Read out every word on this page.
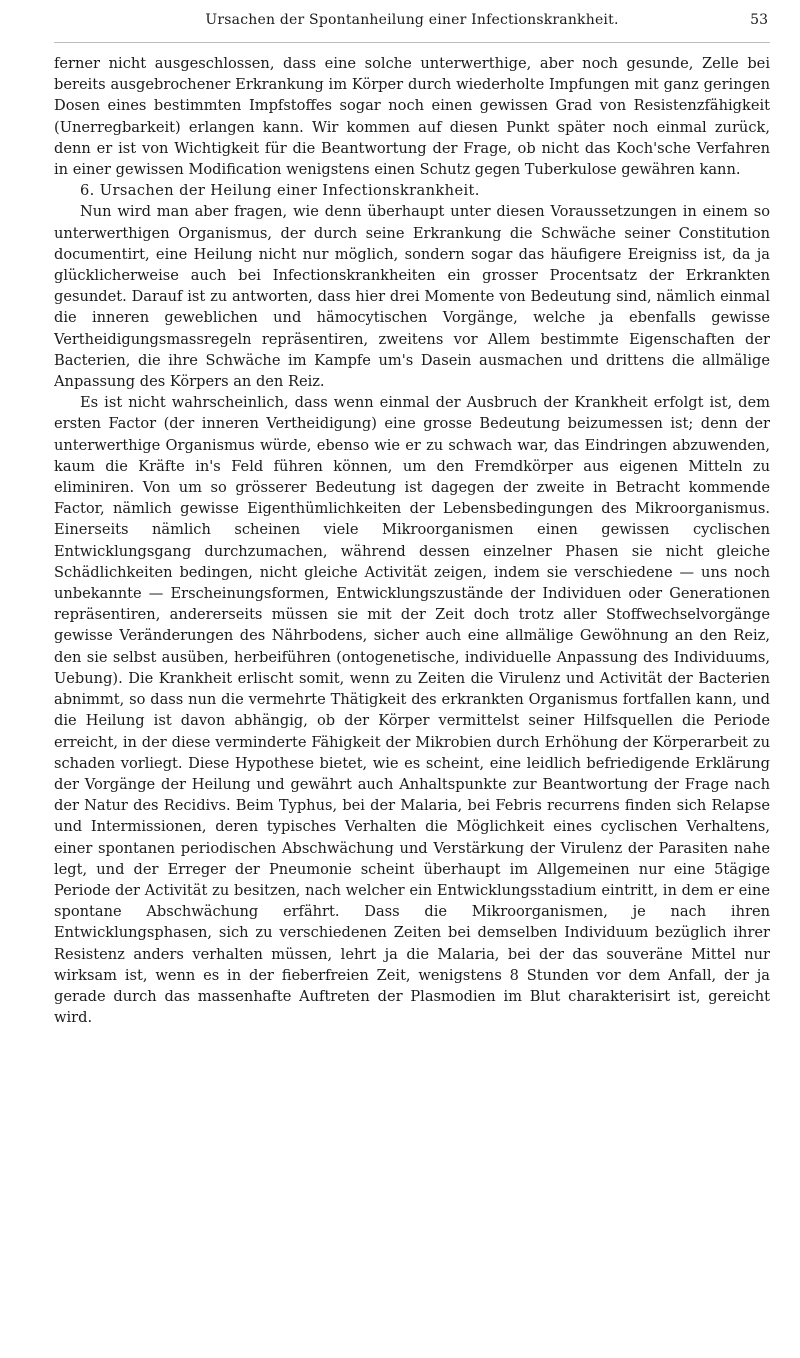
Ursachen der Spontanheilung einer Infectionskrankheit.	53

ferner nicht ausgeschlossen, dass eine solche unterwerthige, aber noch gesunde, Zelle bei bereits ausgebrochener Erkrankung im Körper durch wiederholte Impfungen mit ganz geringen Dosen eines bestimmten Impfstoffes sogar noch einen gewissen Grad von Resistenzfähigkeit (Unerregbarkeit) erlangen kann. Wir kommen auf diesen Punkt später noch einmal zurück, denn er ist von Wichtigkeit für die Beantwortung der Frage, ob nicht das Koch'sche Verfahren in einer gewissen Modification wenigstens einen Schutz gegen Tuberkulose gewähren kann.

6. Ursachen der Heilung einer Infectionskrankheit.

Nun wird man aber fragen, wie denn überhaupt unter diesen Voraussetzungen in einem so unterwerthigen Organismus, der durch seine Erkrankung die Schwäche seiner Constitution documentirt, eine Heilung nicht nur möglich, sondern sogar das häufigere Ereigniss ist, da ja glücklicherweise auch bei Infectionskrankheiten ein grosser Procentsatz der Erkrankten gesundet. Darauf ist zu antworten, dass hier drei Momente von Bedeutung sind, nämlich einmal die inneren geweblichen und hämocytischen Vorgänge, welche ja ebenfalls gewisse Vertheidigungsmassregeln repräsentiren, zweitens vor Allem bestimmte Eigenschaften der Bacterien, die ihre Schwäche im Kampfe um's Dasein ausmachen und drittens die allmälige Anpassung des Körpers an den Reiz.

Es ist nicht wahrscheinlich, dass wenn einmal der Ausbruch der Krankheit erfolgt ist, dem ersten Factor (der inneren Vertheidigung) eine grosse Bedeutung beizumessen ist; denn der unterwerthige Organismus würde, ebenso wie er zu schwach war, das Eindringen abzuwenden, kaum die Kräfte in's Feld führen können, um den Fremdkörper aus eigenen Mitteln zu eliminiren. Von um so grösserer Bedeutung ist dagegen der zweite in Betracht kommende Factor, nämlich gewisse Eigenthümlichkeiten der Lebensbedingungen des Mikroorganismus. Einerseits nämlich scheinen viele Mikroorganismen einen gewissen cyclischen Entwicklungsgang durchzumachen, während dessen einzelner Phasen sie nicht gleiche Schädlichkeiten bedingen, nicht gleiche Activität zeigen, indem sie verschiedene — uns noch unbekannte — Erscheinungsformen, Entwicklungszustände der Individuen oder Generationen repräsentiren, andererseits müssen sie mit der Zeit doch trotz aller Stoffwechselvorgänge gewisse Veränderungen des Nährbodens, sicher auch eine allmälige Gewöhnung an den Reiz, den sie selbst ausüben, herbeiführen (ontogenetische, individuelle Anpassung des Individuums, Uebung). Die Krankheit erlischt somit, wenn zu Zeiten die Virulenz und Activität der Bacterien abnimmt, so dass nun die vermehrte Thätigkeit des erkrankten Organismus fortfallen kann, und die Heilung ist davon abhängig, ob der Körper vermittelst seiner Hilfsquellen die Periode erreicht, in der diese verminderte Fähigkeit der Mikrobien durch Erhöhung der Körperarbeit zu schaden vorliegt. Diese Hypothese bietet, wie es scheint, eine leidlich befriedigende Erklärung der Vorgänge der Heilung und gewährt auch Anhaltspunkte zur Beantwortung der Frage nach der Natur des Recidivs. Beim Typhus, bei der Malaria, bei Febris recurrens finden sich Relapse und Intermissionen, deren typisches Verhalten die Möglichkeit eines cyclischen Verhaltens, einer spontanen periodischen Abschwächung und Verstärkung der Virulenz der Parasiten nahe legt, und der Erreger der Pneumonie scheint überhaupt im Allgemeinen nur eine 5tägige Periode der Activität zu besitzen, nach welcher ein Entwicklungsstadium eintritt, in dem er eine spontane Abschwächung erfährt. Dass die Mikroorganismen, je nach ihren Entwicklungsphasen, sich zu verschiedenen Zeiten bei demselben Individuum bezüglich ihrer Resistenz anders verhalten müssen, lehrt ja die Malaria, bei der das souveräne Mittel nur wirksam ist, wenn es in der fieberfreien Zeit, wenigstens 8 Stunden vor dem Anfall, der ja gerade durch das massenhafte Auftreten der Plasmodien im Blut charakterisirt ist, gereicht wird.
